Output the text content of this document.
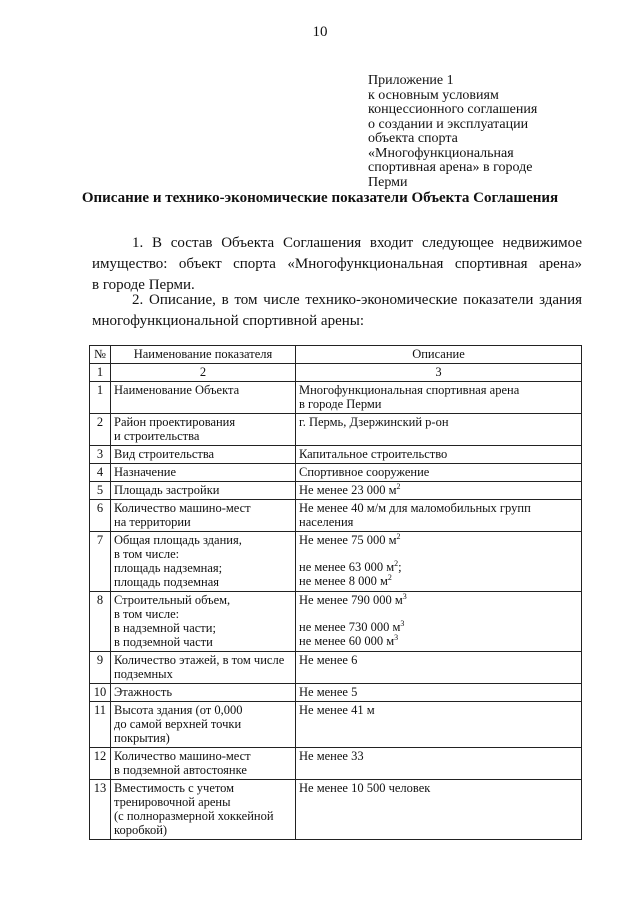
10
Приложение 1
к основным условиям
концессионного соглашения
о создании и эксплуатации
объекта спорта
«Многофункциональная
спортивная арена» в городе
Перми
Описание и технико-экономические показатели Объекта Соглашения
1. В состав Объекта Соглашения входит следующее недвижимое
имущество: объект спорта «Многофункциональная спортивная арена»
в городе Перми.
2. Описание, в том числе технико-экономические показатели здания
многофункциональной спортивной арены:
№	Наименование показателя	Описание
1	2	3
1	Наименование Объекта	Многофункциональная спортивная арена
в городе Перми

2	Район проектирования
и строительства	г. Пермь, Дзержинский р-он

3	Вид строительства	Капитальное строительство

4	Назначение	Спортивное сооружение

5	Площадь застройки	Не менее 23 000 $м^2$

6	Количество машино-мест
на территории	Не менее 40 м/м для маломобильных групп
населения

7	Общая площадь здания,
в том числе:
площадь надземная;
площадь подземная	Не менее 75 000 $м^2$
не менее 63 000 $м^2$;
не менее 8 000 $м^2$

8	Строительный объем,
в том числе:
в надземной части;
в подземной части	Не менее 790 000 $м^3$
не менее 730 000 $м^3$
не менее 60 000 $м^3$

9	Количество этажей, в том числе
подземных	Не менее 6

10	Этажность	Не менее 5

11	Высота здания (от 0,000
до самой верхней точки
покрытия)	Не менее 41 м

12	Количество машино-мест
в подземной автостоянке	Не менее 33

13	Вместимость с учетом
тренировочной арены
(с полноразмерной хоккейной
коробкой)	Не менее 10 500 человек
